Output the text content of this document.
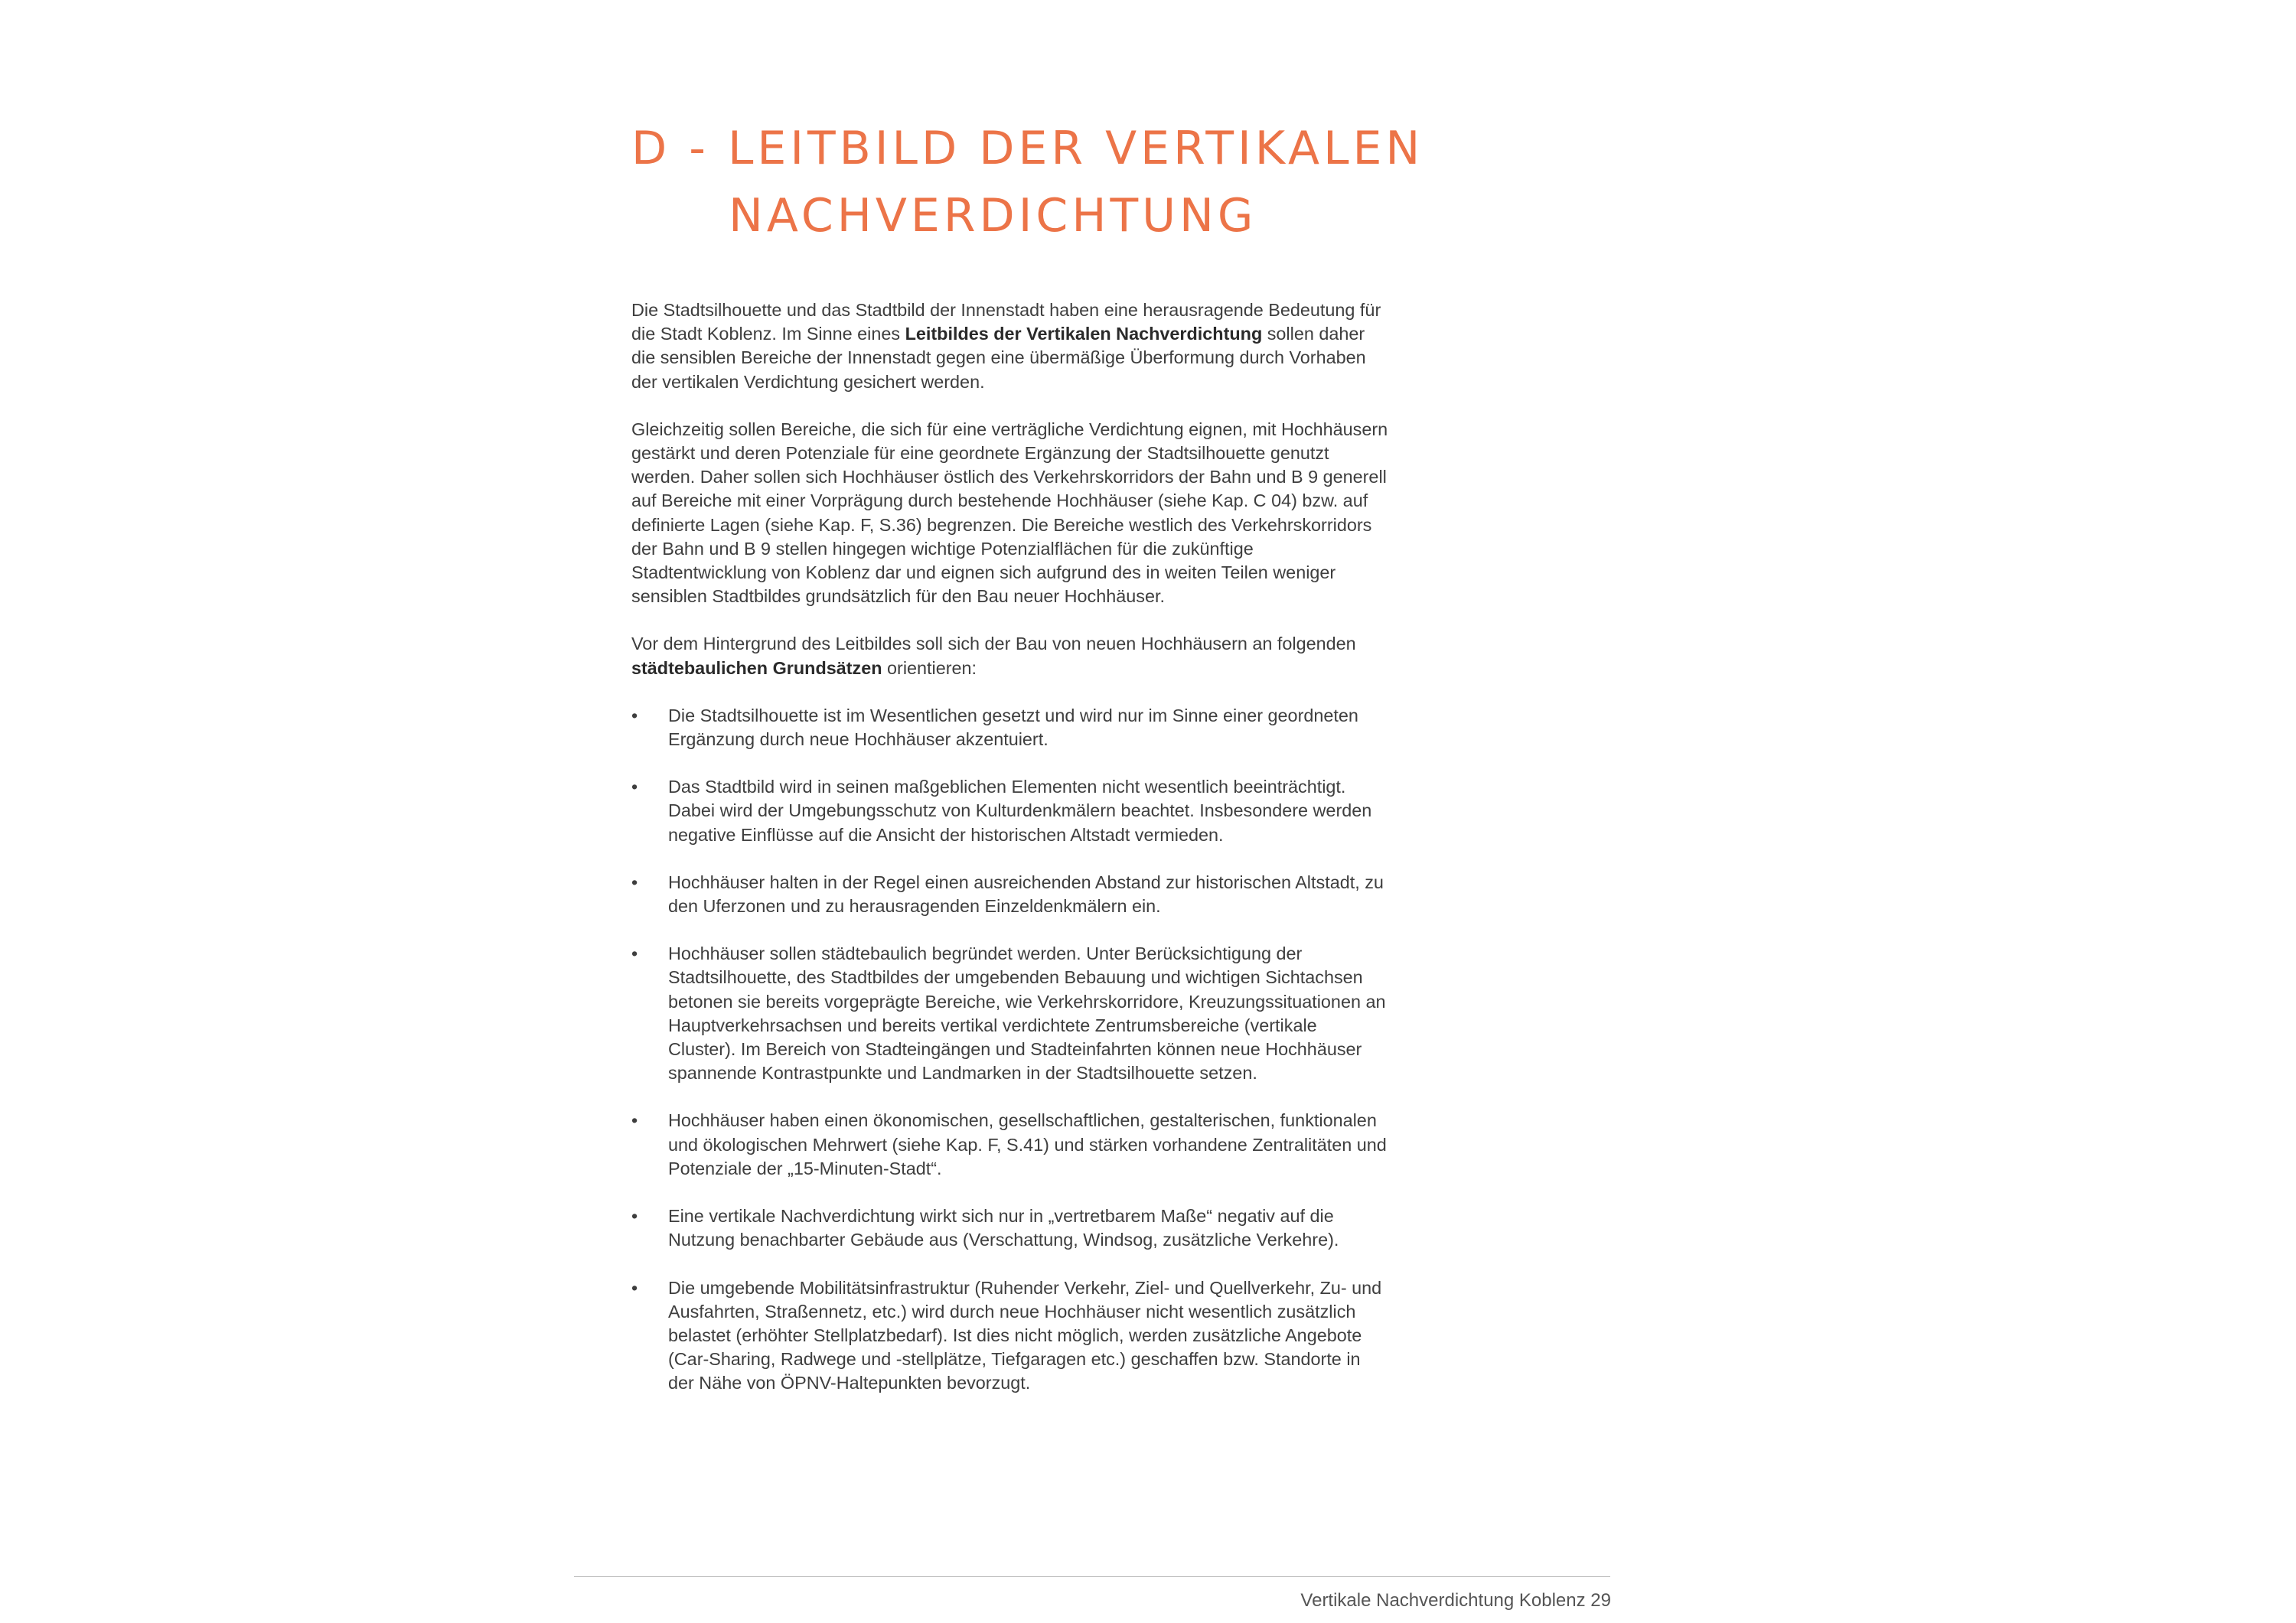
D - LEITBILD DER VERTIKALEN
NACHVERDICHTUNG

Die Stadtsilhouette und das Stadtbild der Innenstadt haben eine herausragende Bedeutung für die Stadt Koblenz. Im Sinne eines Leitbildes der Vertikalen Nachverdichtung sollen daher die sensiblen Bereiche der Innenstadt gegen eine übermäßige Überformung durch Vorhaben der vertikalen Verdichtung gesichert werden.

Gleichzeitig sollen Bereiche, die sich für eine verträgliche Verdichtung eignen, mit Hochhäusern gestärkt und deren Potenziale für eine geordnete Ergänzung der Stadtsilhouette genutzt werden. Daher sollen sich Hochhäuser östlich des Verkehrskorridors der Bahn und B 9 generell auf Bereiche mit einer Vorprägung durch bestehende Hochhäuser (siehe Kap. C 04) bzw. auf definierte Lagen (siehe Kap. F, S.36) begrenzen. Die Bereiche westlich des Verkehrskorridors der Bahn und B 9 stellen hingegen wichtige Potenzialflächen für die zukünftige Stadtentwicklung von Koblenz dar und eignen sich aufgrund des in weiten Teilen weniger sensiblen Stadtbildes grundsätzlich für den Bau neuer Hochhäuser.

Vor dem Hintergrund des Leitbildes soll sich der Bau von neuen Hochhäusern an folgenden städtebaulichen Grundsätzen orientieren:

• Die Stadtsilhouette ist im Wesentlichen gesetzt und wird nur im Sinne einer geordneten Ergänzung durch neue Hochhäuser akzentuiert.
• Das Stadtbild wird in seinen maßgeblichen Elementen nicht wesentlich beeinträchtigt. Dabei wird der Umgebungsschutz von Kulturdenkmälern beachtet. Insbesondere werden negative Einflüsse auf die Ansicht der historischen Altstadt vermieden.
• Hochhäuser halten in der Regel einen ausreichenden Abstand zur historischen Altstadt, zu den Uferzonen und zu herausragenden Einzeldenkmälern ein.
• Hochhäuser sollen städtebaulich begründet werden. Unter Berücksichtigung der Stadtsilhouette, des Stadtbildes der umgebenden Bebauung und wichtigen Sichtachsen betonen sie bereits vorgeprägte Bereiche, wie Verkehrskorridore, Kreuzungssituationen an Hauptverkehrsachsen und bereits vertikal verdichtete Zentrumsbereiche (vertikale Cluster). Im Bereich von Stadteingängen und Stadteinfahrten können neue Hochhäuser spannende Kontrastpunkte und Landmarken in der Stadtsilhouette setzen.
• Hochhäuser haben einen ökonomischen, gesellschaftlichen, gestalterischen, funktionalen und ökologischen Mehrwert (siehe Kap. F, S.41) und stärken vorhandene Zentralitäten und Potenziale der „15-Minuten-Stadt“.
• Eine vertikale Nachverdichtung wirkt sich nur in „vertretbarem Maße“ negativ auf die Nutzung benachbarter Gebäude aus (Verschattung, Windsog, zusätzliche Verkehre).
• Die umgebende Mobilitätsinfrastruktur (Ruhender Verkehr, Ziel- und Quellverkehr, Zu- und Ausfahrten, Straßennetz, etc.) wird durch neue Hochhäuser nicht wesentlich zusätzlich belastet (erhöhter Stellplatzbedarf). Ist dies nicht möglich, werden zusätzliche Angebote (Car-Sharing, Radwege und -stellplätze, Tiefgaragen etc.) geschaffen bzw. Standorte in der Nähe von ÖPNV-Haltepunkten bevorzugt.
Vertikale Nachverdichtung Koblenz 29
